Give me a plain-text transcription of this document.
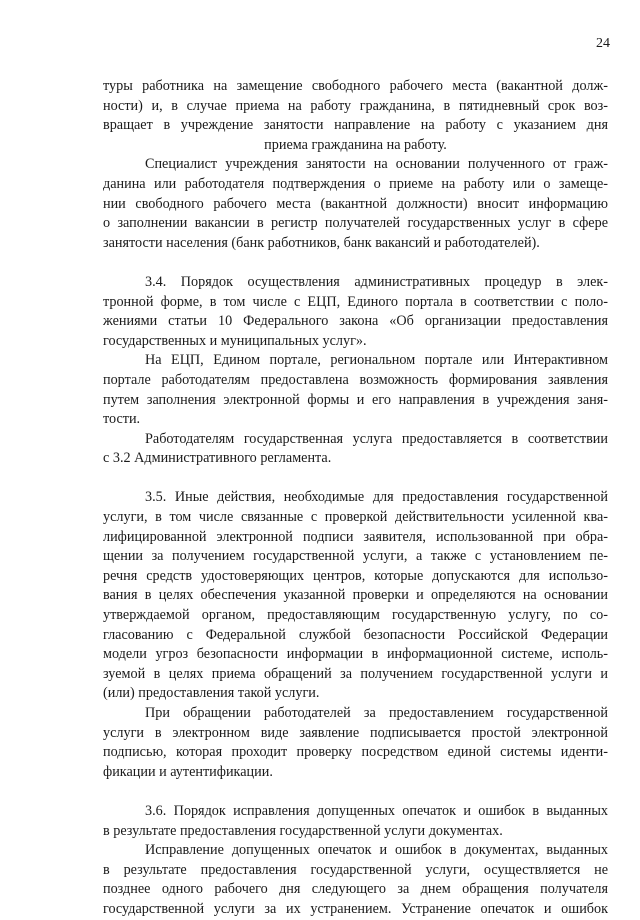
24

туры работника на замещение свободного рабочего места (вакантной долж-
ности) и, в случае приема на работу гражданина, в пятидневный срок воз-
вращает в учреждение занятости направление на работу с указанием дня
приема гражданина на работу.

Специалист учреждения занятости на основании полученного от граж-
данина или работодателя подтверждения о приеме на работу или о замеще-
нии свободного рабочего места (вакантной должности) вносит информацию
о заполнении вакансии в регистр получателей государственных услуг в сфере
занятости населения (банк работников, банк вакансий и работодателей).

3.4. Порядок осуществления административных процедур в элек-
тронной форме, в том числе с ЕЦП, Единого портала в соответствии с поло-
жениями статьи 10 Федерального закона «Об организации предоставления
государственных и муниципальных услуг».

На ЕЦП, Едином портале, региональном портале или Интерактивном
портале работодателям предоставлена возможность формирования заявления
путем заполнения электронной формы и его направления в учреждения заня-
тости.

Работодателям государственная услуга предоставляется в соответствии
с 3.2 Административного регламента.

3.5. Иные действия, необходимые для предоставления государственной
услуги, в том числе связанные с проверкой действительности усиленной ква-
лифицированной электронной подписи заявителя, использованной при обра-
щении за получением государственной услуги, а также с установлением пе-
речня средств удостоверяющих центров, которые допускаются для использо-
вания в целях обеспечения указанной проверки и определяются на основании
утверждаемой органом, предоставляющим государственную услугу, по со-
гласованию с Федеральной службой безопасности Российской Федерации
модели угроз безопасности информации в информационной системе, исполь-
зуемой в целях приема обращений за получением государственной услуги и
(или) предоставления такой услуги.

При обращении работодателей за предоставлением государственной
услуги в электронном виде заявление подписывается простой электронной
подписью, которая проходит проверку посредством единой системы иденти-
фикации и аутентификации.

3.6. Порядок исправления допущенных опечаток и ошибок в выданных
в результате предоставления государственной услуги документах.

Исправление допущенных опечаток и ошибок в документах, выданных
в результате предоставления государственной услуги, осуществляется не
позднее одного рабочего дня следующего за днем обращения получателя
государственной услуги за их устранением. Устранение опечаток и ошибок
